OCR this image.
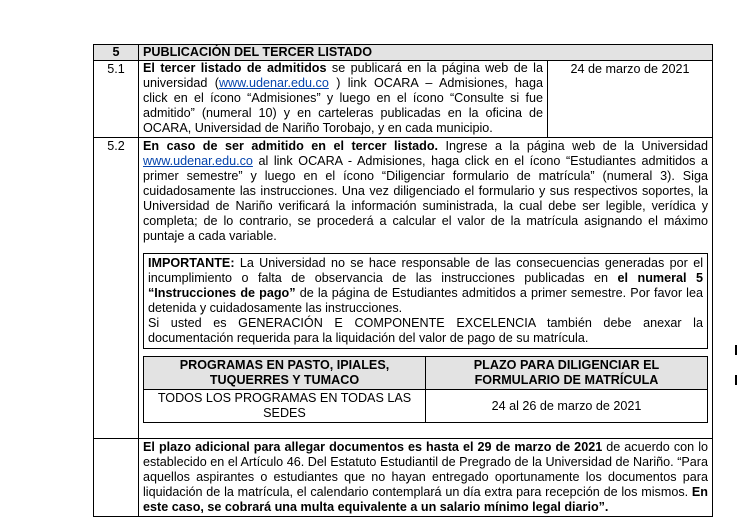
5	PUBLICACIÓN DEL TERCER LISTADO
5.1	El tercer listado de admitidos se publicará en la página web de la universidad (www.udenar.edu.co ) link OCARA – Admisiones, haga click en el ícono “Admisiones” y luego en el ícono “Consulte si fue admitido” (numeral 10) y en carteleras publicadas en la oficina de OCARA, Universidad de Nariño Torobajo, y en cada municipio.	24 de marzo de 2021
5.2	En caso de ser admitido en el tercer listado. Ingrese a la página web de la Universidad www.udenar.edu.co al link OCARA - Admisiones, haga click en el ícono “Estudiantes admitidos a primer semestre” y luego en el ícono “Diligenciar formulario de matrícula” (numeral 3). Siga cuidadosamente las instrucciones. Una vez diligenciado el formulario y sus respectivos soportes, la Universidad de Nariño verificará la información suministrada, la cual debe ser legible, verídica y completa; de lo contrario, se procederá a calcular el valor de la matrícula asignando el máximo puntaje a cada variable.
IMPORTANTE: La Universidad no se hace responsable de las consecuencias generadas por el incumplimiento o falta de observancia de las instrucciones publicadas en el numeral 5 “Instrucciones de pago” de la página de Estudiantes admitidos a primer semestre. Por favor lea detenida y cuidadosamente las instrucciones.
Si usted es GENERACIÓN E COMPONENTE EXCELENCIA también debe anexar la documentación requerida para la liquidación del valor de pago de su matrícula.
PROGRAMAS EN PASTO, IPIALES, TUQUERRES Y TUMACO	PLAZO PARA DILIGENCIAR EL FORMULARIO DE MATRÍCULA
TODOS LOS PROGRAMAS EN TODAS LAS SEDES	24 al 26 de marzo de 2021

	El plazo adicional para allegar documentos es hasta el 29 de marzo de 2021 de acuerdo con lo establecido en el Artículo 46. Del Estatuto Estudiantil de Pregrado de la Universidad de Nariño. “Para aquellos aspirantes o estudiantes que no hayan entregado oportunamente los documentos para liquidación de la matrícula, el calendario contemplará un día extra para recepción de los mismos. En este caso, se cobrará una multa equivalente a un salario mínimo legal diario”.
